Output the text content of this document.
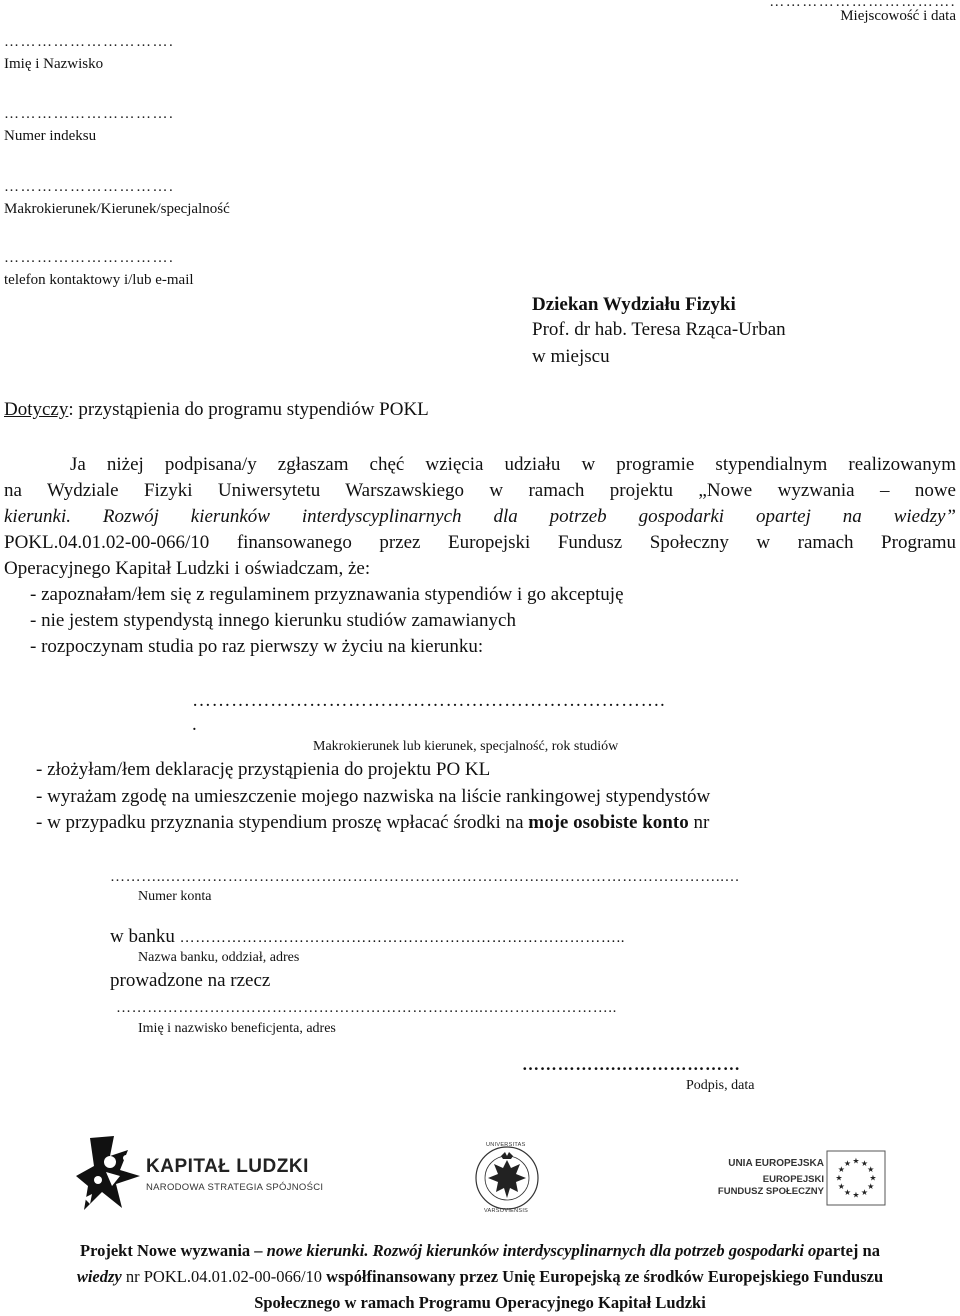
…………………………….
Miejscowość i data
………………………….
Imię i Nazwisko
………………………….
Numer indeksu
………………………….
Makrokierunek/Kierunek/specjalność
………………………….
telefon kontaktowy i/lub e-mail
Dziekan Wydziału Fizyki
Prof. dr hab. Teresa Rząca-Urban
w miejscu
Dotyczy: przystąpienia do programu stypendiów POKL
Ja niżej podpisana/y zgłaszam chęć wzięcia udziału w programie stypendialnym realizowanym
na Wydziale Fizyki Uniwersytetu Warszawskiego w ramach projektu „Nowe wyzwania – nowe
kierunki. Rozwój kierunków interdyscyplinarnych dla potrzeb gospodarki opartej na wiedzy”
POKL.04.01.02-00-066/10 finansowanego przez Europejski Fundusz Społeczny w ramach Programu
Operacyjnego Kapitał Ludzki i oświadczam, że:
- zapoznałam/łem się z regulaminem przyznawania stypendiów i go akceptuję
- nie jestem stypendystą innego kierunku studiów zamawianych
- rozpoczynam studia po raz pierwszy w życiu na kierunku:
……………………………………………………………….
.
Makrokierunek lub kierunek, specjalność, rok studiów
- złożyłam/łem deklarację przystąpienia do projektu PO KL
- wyrażam zgodę na umieszczenie mojego nazwiska na liście rankingowej stypendystów
- w przypadku przyznania stypendium proszę wpłacać środki na moje osobiste konto nr
………..……………………………………………………………….……………………………..…
Numer konta
w banku …………………………………………………………………………..
Nazwa banku, oddział, adres
prowadzone na rzecz
……………………………………………………………..……………………..
Imię i nazwisko beneficjenta, adres
…………….…………………
Podpis, data
KAPITAŁ LUDZKI
NARODOWA STRATEGIA SPÓJNOŚCI
UNIVERSITAS
VARSOVIENSIS
UNIA EUROPEJSKA
EUROPEJSKI
FUNDUSZ SPOŁECZNY
★
★
★
★
★
★
★
★
★ ★ ★
★
Projekt Nowe wyzwania – nowe kierunki. Rozwój kierunków interdyscyplinarnych dla potrzeb gospodarki opartej na
wiedzy nr POKL.04.01.02-00-066/10 współfinansowany przez Unię Europejską ze środków Europejskiego Funduszu
Społecznego w ramach Programu Operacyjnego Kapitał Ludzki
